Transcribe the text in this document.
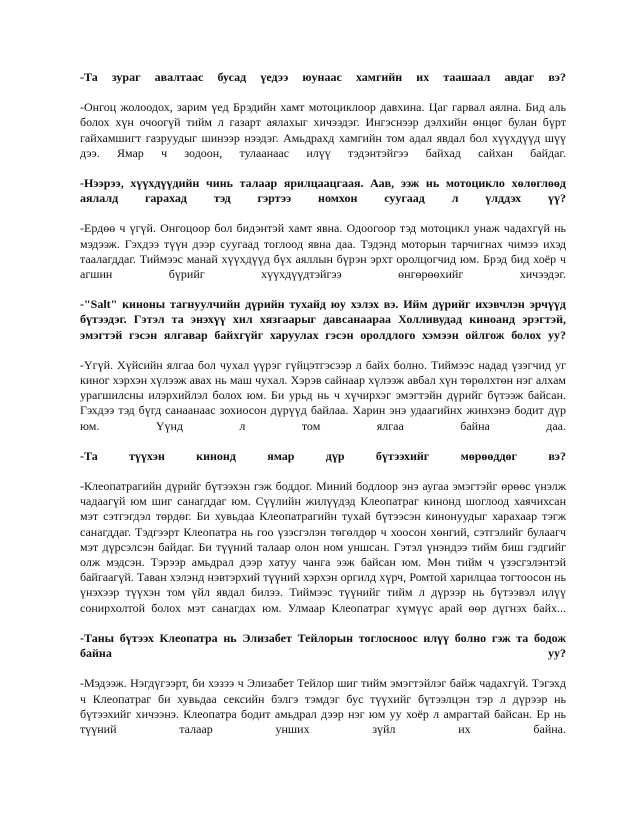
-Та зураг авалтаас бусад үедээ юунаас хамгийн их таашаал авдаг вэ?

-Онгоц жолоодох, зарим үед Брэдийн хамт мотоциклоор давхина. Цаг гарвал аялна. Бид аль болох хүн очоогүй тийм л газарт аялахыг хичээдэг. Ингэснээр дэлхийн өнцөг булан бүрт гайхамшигт газруудыг шинээр нээдэг. Амьдрахд хамгийн том адал явдал бол хүүхдүүд шүү дээ. Ямар ч зодоон, тулаанаас илүү тэдэнтэйгээ байхад сайхан байдаг.

-Нээрээ, хүүхдүүдийн чинь талаар ярилцаацгаая. Аав, ээж нь мотоцикло хөлөглөөд аялалд гарахад тэд гэртээ номхон суугаад л үлддэх үү?

-Ердөө ч үгүй. Онгоцоор бол бидэнтэй хамт явна. Одоогоор тэд мотоцикл унаж чадахгүй нь мэдээж. Гэхдээ түүн дээр суугаад тоглоод явна даа. Тэдэнд моторын тарчигнах чимээ ихэд таалагддаг. Тиймээс манай хүүхдүүд бүх аяллын бүрэн эрхт оролцогчид юм. Брэд бид хоёр ч агшин бүрийг хүүхдүүдтэйгээ өнгөрөөхийг хичээдэг.

-"Salt" киноны тагнуулчийн дүрийн тухайд юу хэлэх вэ. Ийм дүрийг ихэвчлэн эрчүүд бүтээдэг. Гэтэл та энэхүү хил хязгаарыг давсанаараа Холливудад киноанд эрэгтэй, эмэгтэй гэсэн ялгавар байхгүйг харуулах гэсэн оролдлого хэмээн ойлгож болох уу?

-Үгүй. Хүйсийн ялгаа бол чухал үүрэг гүйцэтгэсээр л байх болно. Тиймээс надад үзэгчид уг киног хэрхэн хүлээж авах нь маш чухал. Хэрэв сайнаар хүлээж авбал хүн төрөлхтөн нэг алхам урагшилсны илэрхийлэл болох юм. Би урьд нь ч хүчирхэг эмэгтэйн дүрийг бүтээж байсан. Гэхдээ тэд бүгд санаанааc зохиосон дүрүүд байлаа. Харин энэ удаагийнх жинхэнэ бодит дүр юм. Үүнд л том ялгаа байна даа.

-Та түүхэн кинонд ямар дүр бүтээхийг мөрөөддөг вэ?

-Клеопатрагийн дүрийг бүтээхэн гэж боддог. Миний бодлоор энэ аугаа эмэгтэйг өрөөс үнэлж чадаагүй юм шиг санагддаг юм. Сүүлийн жилүүдэд Клеопатраг кинонд шоглоод хаячихсан мэт сэтгэгдэл төрдөг. Би хувьдаа Клеопатрагийн тухай бүтээсэн кинонуудыг харахаар тэгж санагддаг. Тэдгээрт Клеопатра нь гоо үзэсгэлэн төгөлдөр ч хоосон хөнгий, сэтгэлийг булаагч мэт дүрсэлсэн байдаг. Би түүний талаар олон ном уншсан. Гэтэл үнэндээ тийм биш гэдгийг олж мэдсэн. Тэрээр амьдрал дээр хатуу чанга ээж байсан юм. Мөн тийм ч үзэсгэлэнтэй байгаагүй. Таван хэлэнд нэвтэрхий түүний хэрхэн оргилд хүрч, Ромтой харилцаа тогтоосон нь үнэхээр түүхэн том үйл явдал билээ. Тиймээс түүнийг тийм л дүрээр нь бүтээвэл илүү сонирхолтой болох мэт санагдах юм. Улмаар Клеопатраг хүмүүс арай өөр дүгнэх байх...

-Таны бүтээх Клеопатра нь Элизабет Тейлорын тоглосноос илүү болно гэж та бодож байна уу?

-Мэдээж. Нэгдүгээрт, би хэзээ ч Элизабет Тейлор шиг тийм эмэгтэйлэг байж чадахгүй. Тэгэхд ч Клеопатраг би хувьдаа сексийн бэлгэ тэмдэг бус түүхийг бүтээлцэн тэр л дүрээр нь бүтээхийг хичээнэ. Клеопатра бодит амьдрал дээр нэг юм уу хоёр л амрагтай байсан. Ер нь түүний талаар унших зүйл их байна.
